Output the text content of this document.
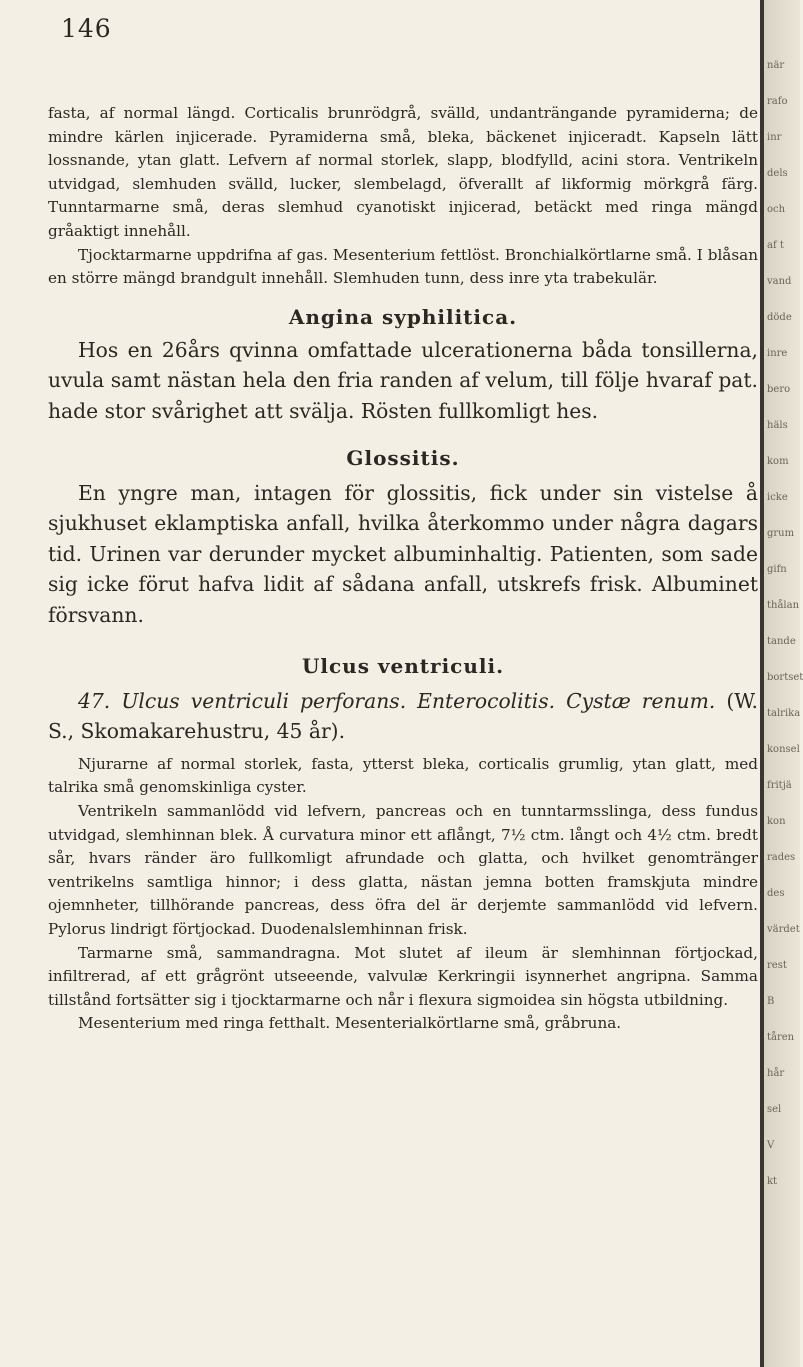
146

fasta, af normal längd. Corticalis brunrödgrå, svälld, undanträngande pyramiderna; de mindre kärlen injicerade. Pyramiderna små, bleka, bäckenet injiceradt. Kapseln lätt lossnande, ytan glatt. Lefvern af normal storlek, slapp, blodfylld, acini stora. Ventrikeln utvidgad, slemhuden svälld, lucker, slembelagd, öfverallt af likformig mörkgrå färg. Tunntarmarne små, deras slemhud cyanotiskt injicerad, betäckt med ringa mängd gråaktigt innehåll.

Tjocktarmarne uppdrifna af gas. Mesenterium fettlöst. Bronchialkörtlarne små. I blåsan en större mängd brandgult innehåll. Slemhuden tunn, dess inre yta trabekulär.

Angina syphilitica.

Hos en 26års qvinna omfattade ulcerationerna båda tonsillerna, uvula samt nästan hela den fria randen af velum, till följe hvaraf pat. hade stor svårighet att svälja. Rösten fullkomligt hes.

Glossitis.

En yngre man, intagen för glossitis, fick under sin vistelse å sjukhuset eklamptiska anfall, hvilka återkommo under några dagars tid. Urinen var derunder mycket albuminhaltig. Patienten, som sade sig icke förut hafva lidit af sådana anfall, utskrefs frisk. Albuminet försvann.

Ulcus ventriculi.

47. Ulcus ventriculi perforans. Enterocolitis. Cystæ renum. (W. S., Skomakarehustru, 45 år).

Njurarne af normal storlek, fasta, ytterst bleka, corticalis grumlig, ytan glatt, med talrika små genomskinliga cyster.

Ventrikeln sammanlödd vid lefvern, pancreas och en tunntarmsslinga, dess fundus utvidgad, slemhinnan blek. Å curvatura minor ett aflångt, 7½ ctm. långt och 4½ ctm. bredt sår, hvars ränder äro fullkomligt afrundade och glatta, och hvilket genomtränger ventrikelns samtliga hinnor; i dess glatta, nästan jemna botten framskjuta mindre ojemnheter, tillhörande pancreas, dess öfra del är derjemte sammanlödd vid lefvern. Pylorus lindrigt förtjockad. Duodenalslemhinnan frisk.

Tarmarne små, sammandragna. Mot slutet af ileum är slemhinnan förtjockad, infiltrerad, af ett grågrönt utseeende, valvulæ Kerkringii isynnerhet angripna. Samma tillstånd fortsätter sig i tjocktarmarne och når i flexura sigmoidea sin högsta utbildning.

Mesenterium med ringa fetthalt. Mesenterialkörtlarne små, gråbruna.

när
rafo
inr
dels
och
af t
vand
döde
inre
bero
häls
kom
icke
grum
gifn
thålan
tande
bortset
talrika
konsel
fritjä
kon
rades
des
värdet
rest
B
tåren
hår
sel
V
kt
